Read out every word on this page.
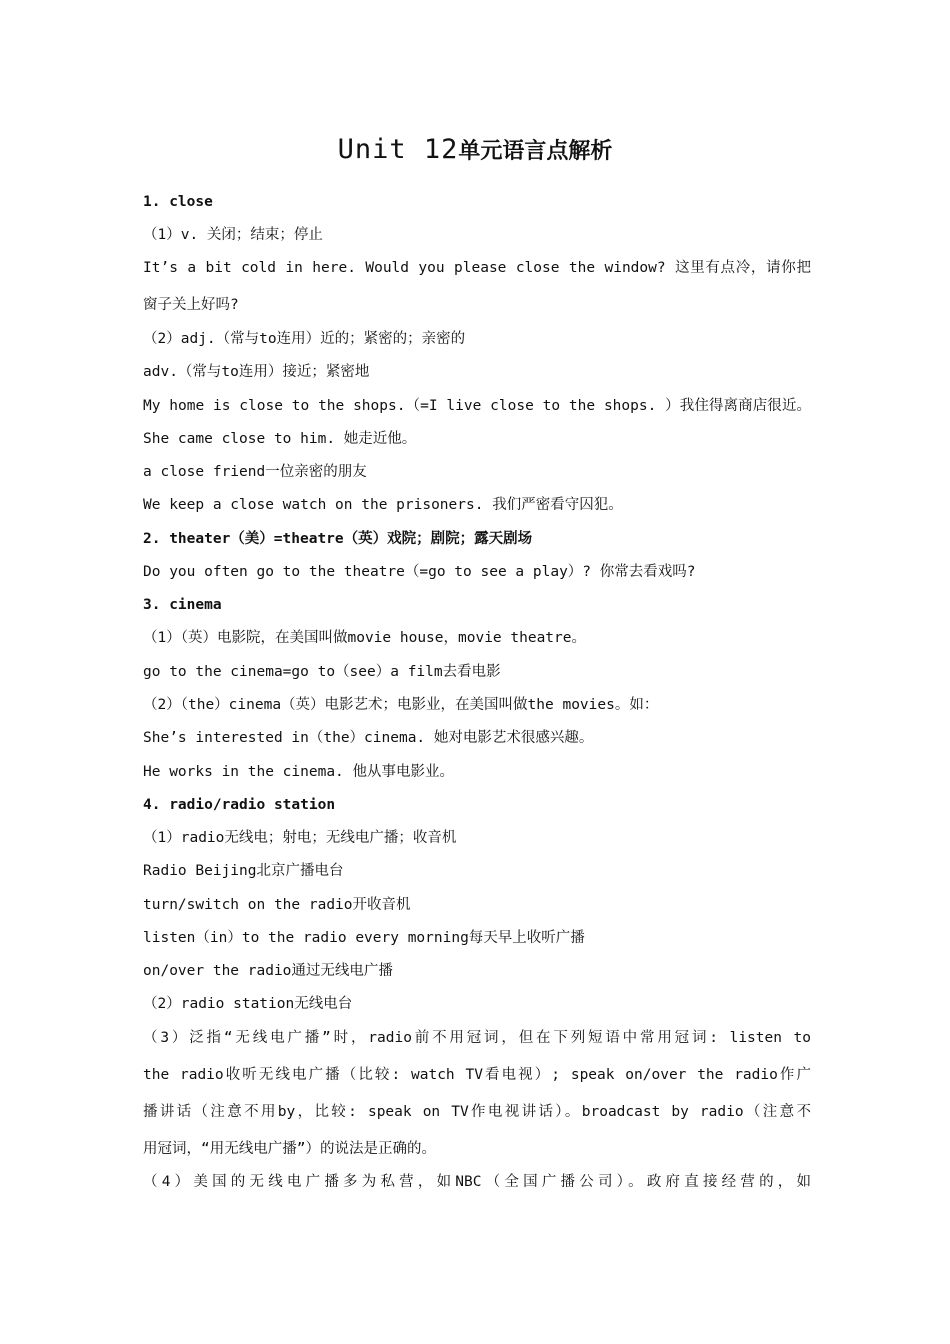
Unit 12单元语言点解析
1. close
（1）v. 关闭；结束；停止
It’s a bit cold in here. Would you please close the window? 这里有点冷，请你把
窗子关上好吗?
（2）adj.（常与to连用）近的；紧密的；亲密的
adv.（常与to连用）接近；紧密地
My home is close to the shops.（=I live close to the shops. ）我住得离商店很近。
She came close to him. 她走近他。
a close friend一位亲密的朋友
We keep a close watch on the prisoners. 我们严密看守囚犯。
2. theater（美）=theatre（英）戏院；剧院；露天剧场
Do you often go to the theatre（=go to see a play）? 你常去看戏吗?
3. cinema
（1）（英）电影院，在美国叫做movie house，movie theatre。
go to the cinema=go to（see）a film去看电影
（2）（the）cinema（英）电影艺术；电影业，在美国叫做the movies。如：
She’s interested in（the）cinema. 她对电影艺术很感兴趣。
He works in the cinema. 他从事电影业。
4. radio/radio station
（1）radio无线电；射电；无线电广播；收音机
Radio Beijing北京广播电台
turn/switch on the radio开收音机
listen（in）to the radio every morning每天早上收听广播
on/over the radio通过无线电广播
（2）radio station无线电台
（3）泛指“无线电广播”时，radio前不用冠词，但在下列短语中常用冠词: listen to
the radio收听无线电广播（比较: watch TV看电视）; speak on/over the radio作广
播讲话（注意不用by，比较: speak on TV作电视讲话）。broadcast by radio（注意不
用冠词，“用无线电广播”）的说法是正确的。
（4）美国的无线电广播多为私营，如NBC（全国广播公司）。政府直接经营的，如
